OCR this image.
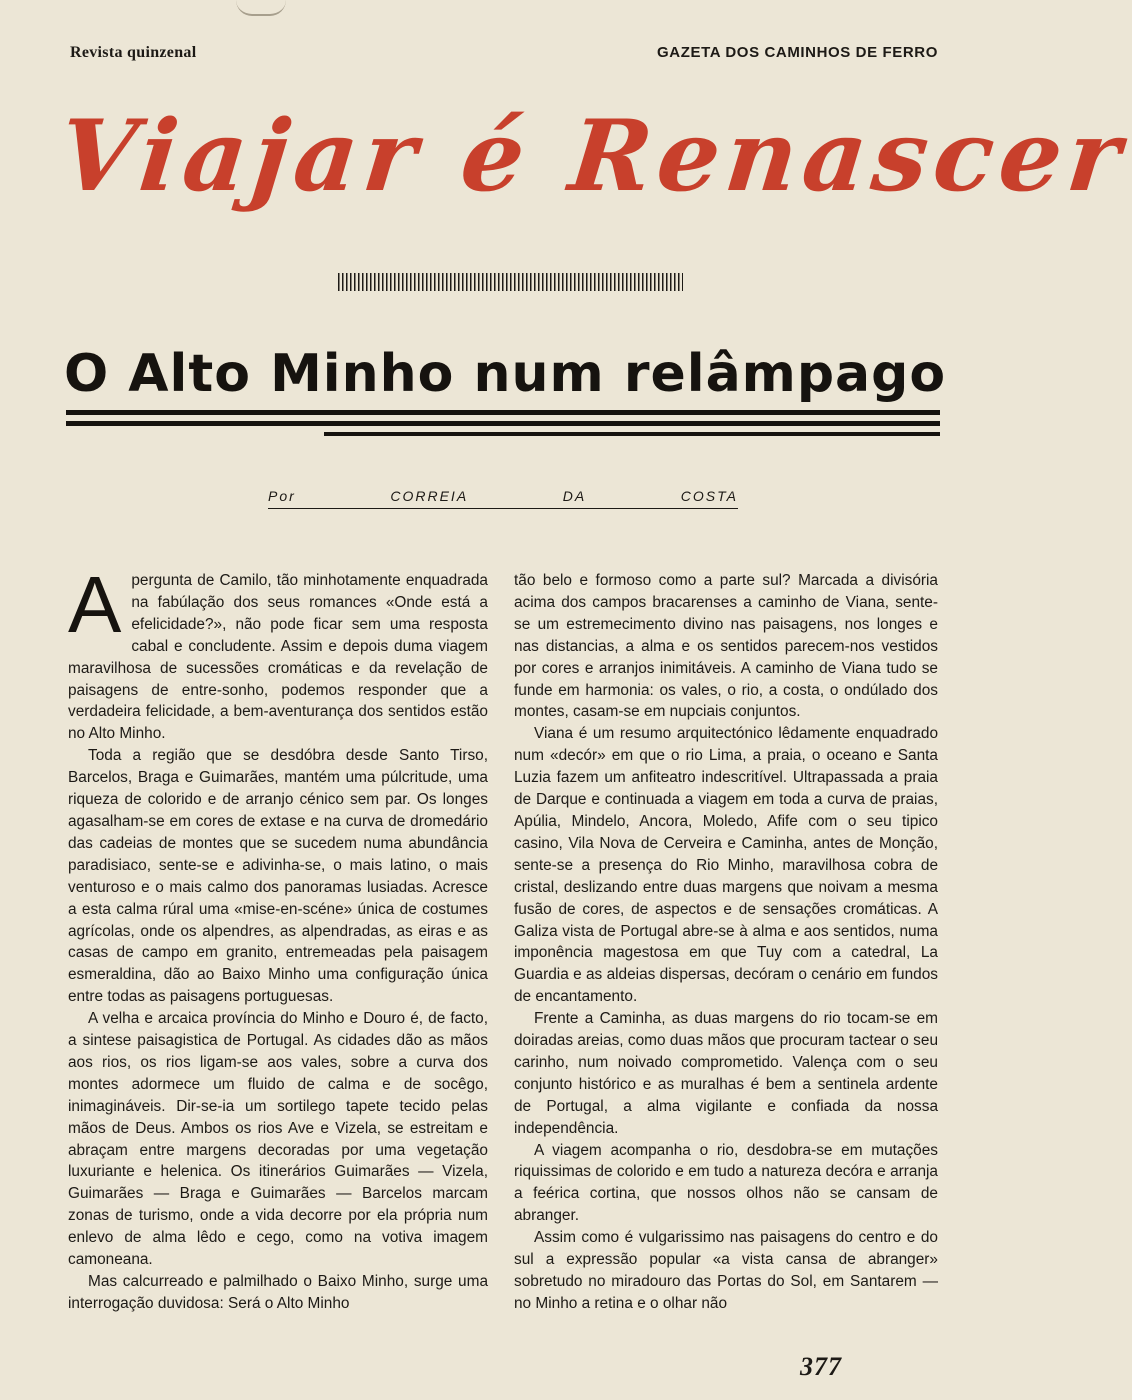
Revista quinzenal	GAZETA DOS CAMINHOS DE FERRO
Viajar é Renascer
O Alto Minho num relâmpago
Por	CORREIA	DA	COSTA

Apergunta de Camilo, tão minhotamente enquadrada na fabúlação dos seus romances «Onde está a efelicidade?», não pode ficar sem uma resposta cabal e concludente. Assim e depois duma viagem maravilhosa de sucessões cromáticas e da revelação de paisagens de entre-sonho, podemos responder que a verdadeira felicidade, a bem-aventurança dos sentidos estão no Alto Minho.

Toda a região que se desdóbra desde Santo Tirso, Barcelos, Braga e Guimarães, mantém uma púlcritude, uma riqueza de colorido e de arranjo cénico sem par. Os longes agasalham-se em cores de extase e na curva de dromedário das cadeias de montes que se sucedem numa abundância paradisiaco, sente-se e adivinha-se, o mais latino, o mais venturoso e o mais calmo dos panoramas lusiadas. Acresce a esta calma rúral uma «mise-en-scéne» única de costumes agrícolas, onde os alpendres, as alpendradas, as eiras e as casas de campo em granito, entremeadas pela paisagem esmeraldina, dão ao Baixo Minho uma configuração única entre todas as paisagens portuguesas.

A velha e arcaica província do Minho e Douro é, de facto, a sintese paisagistica de Portugal. As cidades dão as mãos aos rios, os rios ligam-se aos vales, sobre a curva dos montes adormece um fluido de calma e de socêgo, inimagináveis. Dir-se-ia um sortilego tapete tecido pelas mãos de Deus. Ambos os rios Ave e Vizela, se estreitam e abraçam entre margens decoradas por uma vegetação luxuriante e helenica. Os itinerários Guimarães — Vizela, Guimarães — Braga e Guimarães — Barcelos marcam zonas de turismo, onde a vida decorre por ela própria num enlevo de alma lêdo e cego, como na votiva imagem camoneana.

Mas calcurreado e palmilhado o Baixo Minho, surge uma interrogação duvidosa: Será o Alto Minho

tão belo e formoso como a parte sul? Marcada a divisória acima dos campos bracarenses a caminho de Viana, sente-se um estremecimento divino nas paisagens, nos longes e nas distancias, a alma e os sentidos parecem-nos vestidos por cores e arranjos inimitáveis. A caminho de Viana tudo se funde em harmonia: os vales, o rio, a costa, o ondúlado dos montes, casam-se em nupciais conjuntos.

Viana é um resumo arquitectónico lêdamente enquadrado num «decór» em que o rio Lima, a praia, o oceano e Santa Luzia fazem um anfiteatro indescritível. Ultrapassada a praia de Darque e continuada a viagem em toda a curva de praias, Apúlia, Mindelo, Ancora, Moledo, Afife com o seu tipico casino, Vila Nova de Cerveira e Caminha, antes de Monção, sente-se a presença do Rio Minho, maravilhosa cobra de cristal, deslizando entre duas margens que noivam a mesma fusão de cores, de aspectos e de sensações cromáticas. A Galiza vista de Portugal abre-se à alma e aos sentidos, numa imponência magestosa em que Tuy com a catedral, La Guardia e as aldeias dispersas, decóram o cenário em fundos de encantamento.

Frente a Caminha, as duas margens do rio tocam-se em doiradas areias, como duas mãos que procuram tactear o seu carinho, num noivado comprometido. Valença com o seu conjunto histórico e as muralhas é bem a sentinela ardente de Portugal, a alma vigilante e confiada da nossa independência.

A viagem acompanha o rio, desdobra-se em mutações riquissimas de colorido e em tudo a natureza decóra e arranja a feérica cortina, que nossos olhos não se cansam de abranger.

Assim como é vulgarissimo nas paisagens do centro e do sul a expressão popular «a vista cansa de abranger» sobretudo no miradouro das Portas do Sol, em Santarem — no Minho a retina e o olhar não

377
